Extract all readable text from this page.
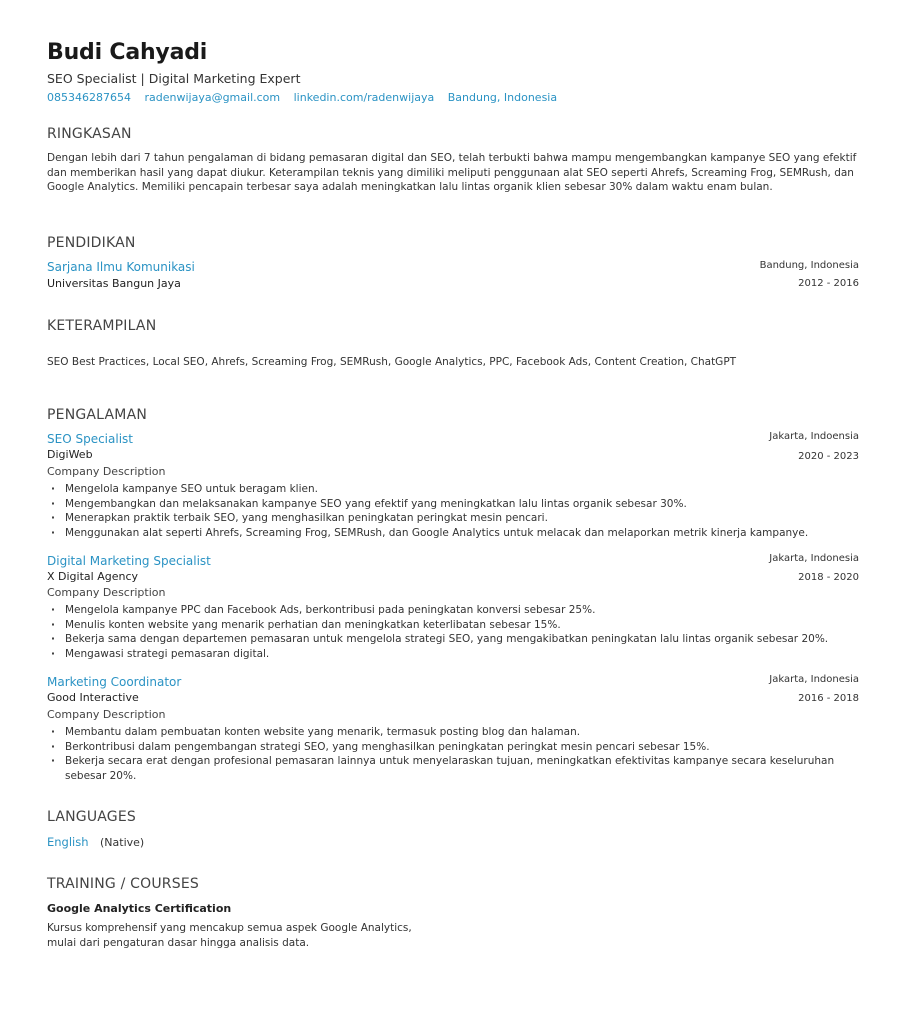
Budi Cahyadi
SEO Specialist | Digital Marketing Expert
085346287654 radenwijaya@gmail.com linkedin.com/radenwijaya Bandung, Indonesia
RINGKASAN
Dengan lebih dari 7 tahun pengalaman di bidang pemasaran digital dan SEO, telah terbukti bahwa mampu mengembangkan kampanye SEO yang efektif dan memberikan hasil yang dapat diukur. Keterampilan teknis yang dimiliki meliputi penggunaan alat SEO seperti Ahrefs, Screaming Frog, SEMRush, dan Google Analytics. Memiliki pencapain terbesar saya adalah meningkatkan lalu lintas organik klien sebesar 30% dalam waktu enam bulan.
PENDIDIKAN
Sarjana Ilmu Komunikasi
Universitas Bangun Jaya
Bandung, Indonesia
2012 - 2016
KETERAMPILAN
SEO Best Practices, Local SEO, Ahrefs, Screaming Frog, SEMRush, Google Analytics, PPC, Facebook Ads, Content Creation, ChatGPT
PENGALAMAN
SEO Specialist
DigiWeb
Company Description
Jakarta, Indoensia
2020 - 2023
· Mengelola kampanye SEO untuk beragam klien.
· Mengembangkan dan melaksanakan kampanye SEO yang efektif yang meningkatkan lalu lintas organik sebesar 30%.
· Menerapkan praktik terbaik SEO, yang menghasilkan peningkatan peringkat mesin pencari.
· Menggunakan alat seperti Ahrefs, Screaming Frog, SEMRush, dan Google Analytics untuk melacak dan melaporkan metrik kinerja kampanye.
Digital Marketing Specialist
X Digital Agency
Company Description
Jakarta, Indonesia
2018 - 2020
· Mengelola kampanye PPC dan Facebook Ads, berkontribusi pada peningkatan konversi sebesar 25%.
· Menulis konten website yang menarik perhatian dan meningkatkan keterlibatan sebesar 15%.
· Bekerja sama dengan departemen pemasaran untuk mengelola strategi SEO, yang mengakibatkan peningkatan lalu lintas organik sebesar 20%.
· Mengawasi strategi pemasaran digital.
Marketing Coordinator
Good Interactive
Company Description
Jakarta, Indonesia
2016 - 2018
· Membantu dalam pembuatan konten website yang menarik, termasuk posting blog dan halaman.
· Berkontribusi dalam pengembangan strategi SEO, yang menghasilkan peningkatan peringkat mesin pencari sebesar 15%.
· Bekerja secara erat dengan profesional pemasaran lainnya untuk menyelaraskan tujuan, meningkatkan efektivitas kampanye secara keseluruhan sebesar 20%.
LANGUAGES
English (Native)
TRAINING / COURSES
Google Analytics Certification
Kursus komprehensif yang mencakup semua aspek Google Analytics,
mulai dari pengaturan dasar hingga analisis data.
